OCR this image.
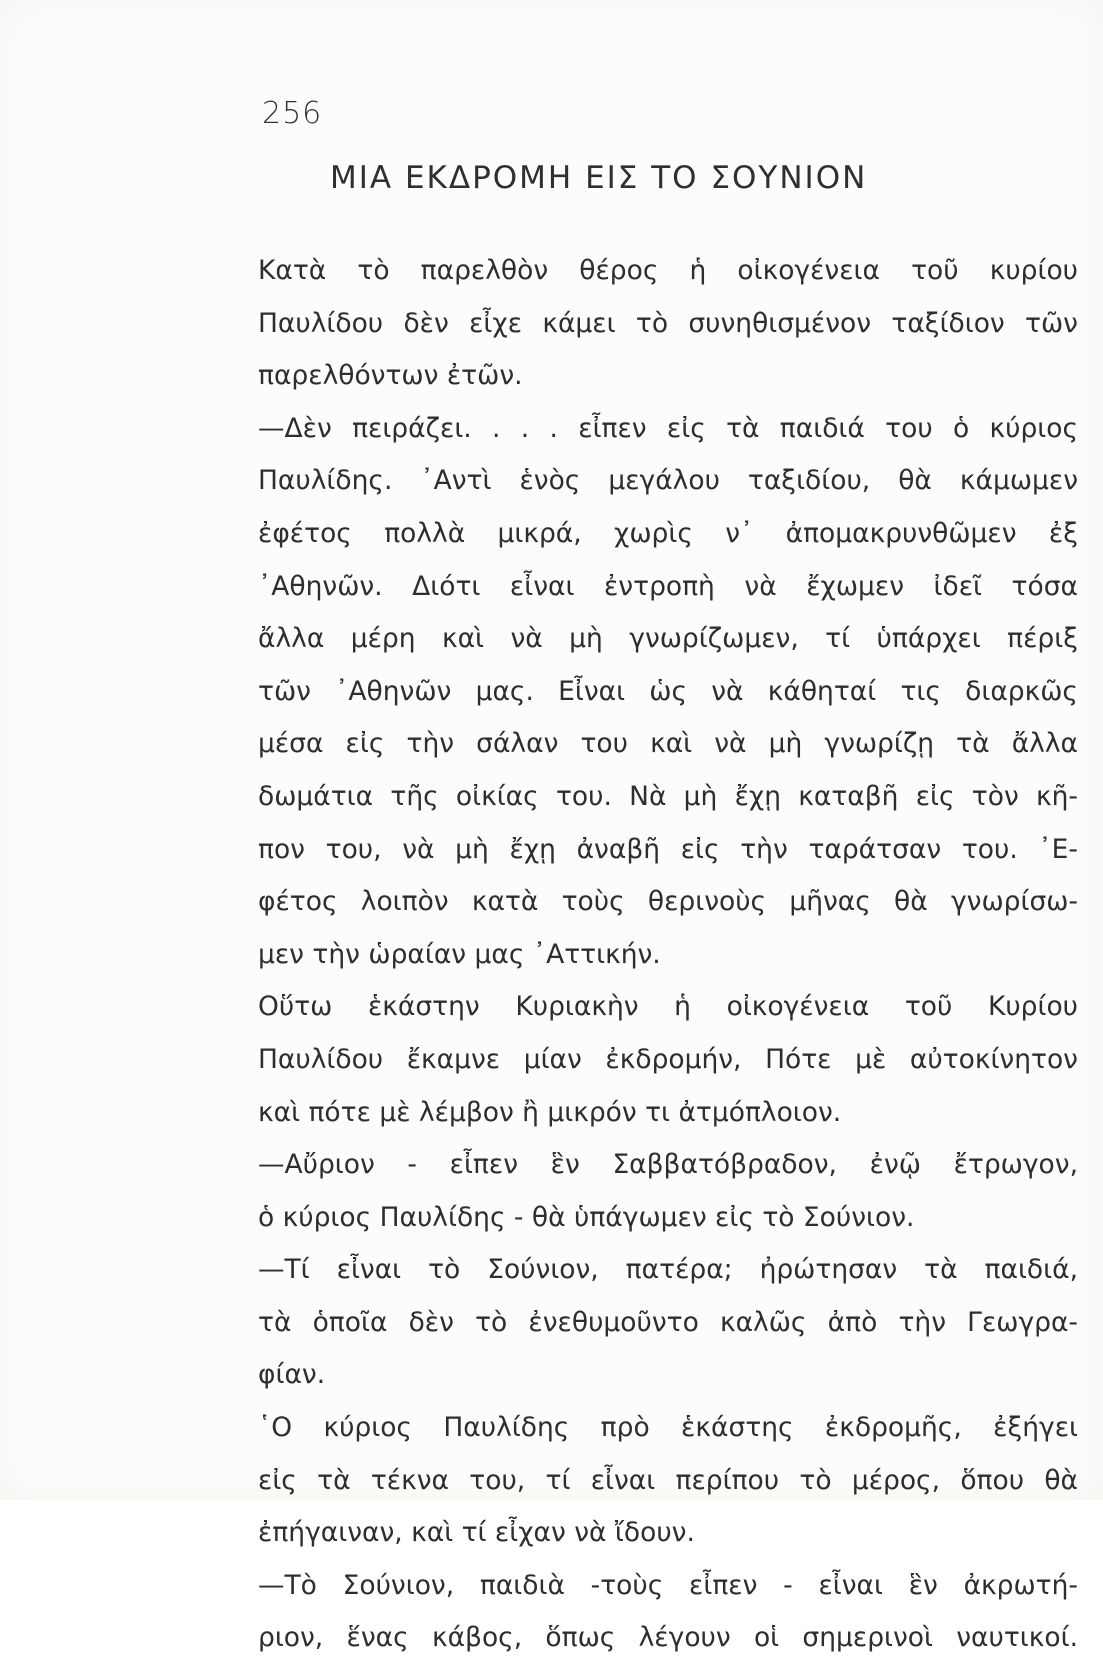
256
ΜΙΑ ΕΚΔΡΟΜΗ ΕΙΣ ΤΟ ΣΟΥΝΙΟΝ
Κατὰ τὸ παρελθὸν θέρος ἡ οἰκογένεια τοῦ κυρίου
Παυλίδου δὲν εἶχε κάμει τὸ συνηθισμένον ταξίδιον τῶν
παρελθόντων ἐτῶν.
—Δὲν πειράζει. . . . εἶπεν εἰς τὰ παιδιά του ὁ κύριος
Παυλίδης. ᾿Αντὶ ἑνὸς μεγάλου ταξιδίου, θὰ κάμωμεν
ἐφέτος πολλὰ μικρά, χωρὶς ν᾿ ἀπομακρυνθῶμεν ἐξ
᾿Αθηνῶν. Διότι εἶναι ἐντροπὴ νὰ ἔχωμεν ἰδεῖ τόσα
ἄλλα μέρη καὶ νὰ μὴ γνωρίζωμεν, τί ὑπάρχει πέριξ
τῶν ᾿Αθηνῶν μας. Εἶναι ὡς νὰ κάθηταί τις διαρκῶς
μέσα εἰς τὴν σάλαν του καὶ νὰ μὴ γνωρίζῃ τὰ ἄλλα
δωμάτια τῆς οἰκίας του. Νὰ μὴ ἔχῃ καταβῆ εἰς τὸν κῆ-
πον του, νὰ μὴ ἔχῃ ἀναβῆ εἰς τὴν ταράτσαν του. ᾿Ε-
φέτος λοιπὸν κατὰ τοὺς θερινοὺς μῆνας θὰ γνωρίσω-
μεν τὴν ὡραίαν μας ᾿Αττικήν.
Οὕτω ἑκάστην Κυριακὴν ἡ οἰκογένεια τοῦ Κυρίου
Παυλίδου ἔκαμνε μίαν ἐκδρομήν, Πότε μὲ αὐτοκίνητον
καὶ πότε μὲ λέμβον ἢ μικρόν τι ἀτμόπλοιον.
—Αὔριον - εἶπεν ἓν Σαββατόβραδον, ἐνῷ ἔτρωγον,
ὁ κύριος Παυλίδης - θὰ ὑπάγωμεν εἰς τὸ Σούνιον.
—Τί εἶναι τὸ Σούνιον, πατέρα; ἠρώτησαν τὰ παιδιά,
τὰ ὁποῖα δὲν τὸ ἐνεθυμοῦντο καλῶς ἀπὸ τὴν Γεωγρα-
φίαν.
῾Ο κύριος Παυλίδης πρὸ ἑκάστης ἐκδρομῆς, ἐξήγει
εἰς τὰ τέκνα του, τί εἶναι περίπου τὸ μέρος, ὅπου θὰ
ἐπήγαιναν, καὶ τί εἶχαν νὰ ἴδουν.
—Τὸ Σούνιον, παιδιὰ -τοὺς εἶπεν - εἶναι ἓν ἀκρωτή-
ριον, ἕνας κάβος, ὅπως λέγουν οἱ σημερινοὶ ναυτικοί.
